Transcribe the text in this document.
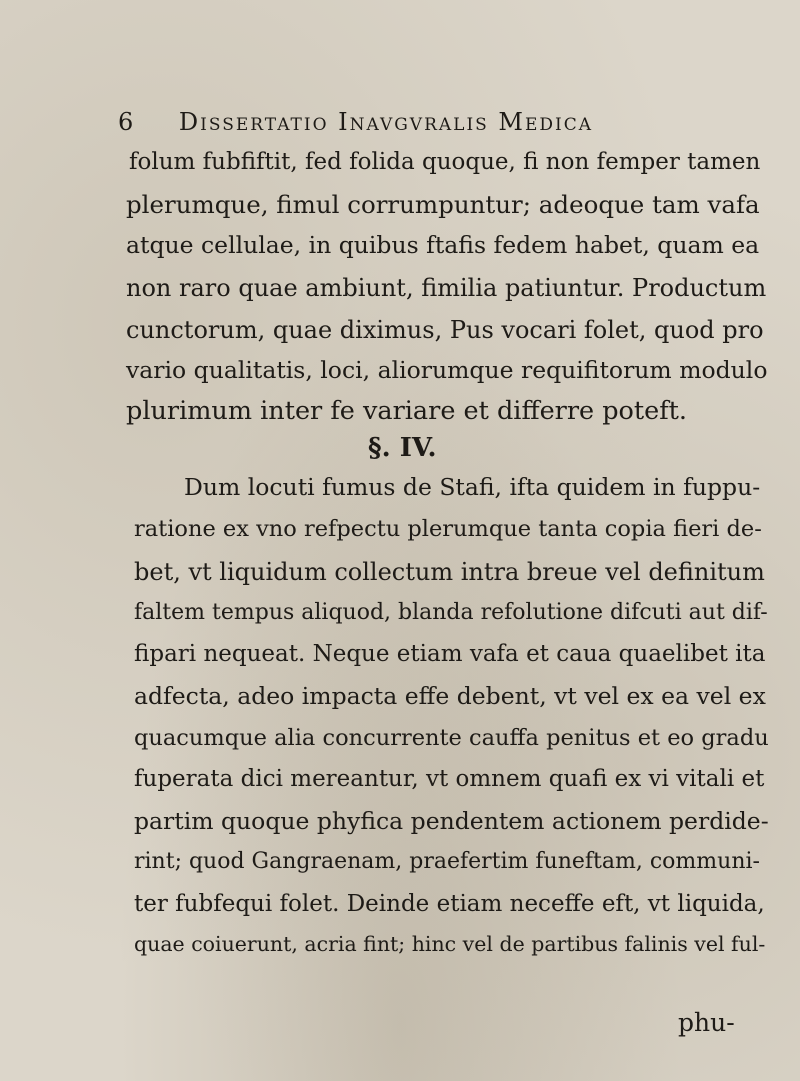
6 Dissertatio Inavgvralis Medica
folum fubfiftit, fed folida quoque, fi non femper tamen
plerumque, fimul corrumpuntur; adeoque tam vafa
atque cellulae, in quibus ftafis fedem habet, quam ea
non raro quae ambiunt, fimilia patiuntur. Productum
cunctorum, quae diximus, Pus vocari folet, quod pro
vario qualitatis, loci, aliorumque requifitorum modulo
plurimum inter fe variare et differre poteft.
§. IV.
Dum locuti fumus de Stafi, ifta quidem in fuppu-
ratione ex vno refpectu plerumque tanta copia fieri de-
bet, vt liquidum collectum intra breue vel definitum
faltem tempus aliquod, blanda refolutione difcuti aut dif-
fipari nequeat. Neque etiam vafa et caua quaelibet ita
adfecta, adeo impacta effe debent, vt vel ex ea vel ex
quacumque alia concurrente cauffa penitus et eo gradu
fuperata dici mereantur, vt omnem quafi ex vi vitali et
partim quoque phyfica pendentem actionem perdide-
rint; quod Gangraenam, praefertim funeftam, communi-
ter fubfequi folet. Deinde etiam neceffe eft, vt liquida,
quae coiuerunt, acria fint; hinc vel de partibus falinis vel ful-
phu-
